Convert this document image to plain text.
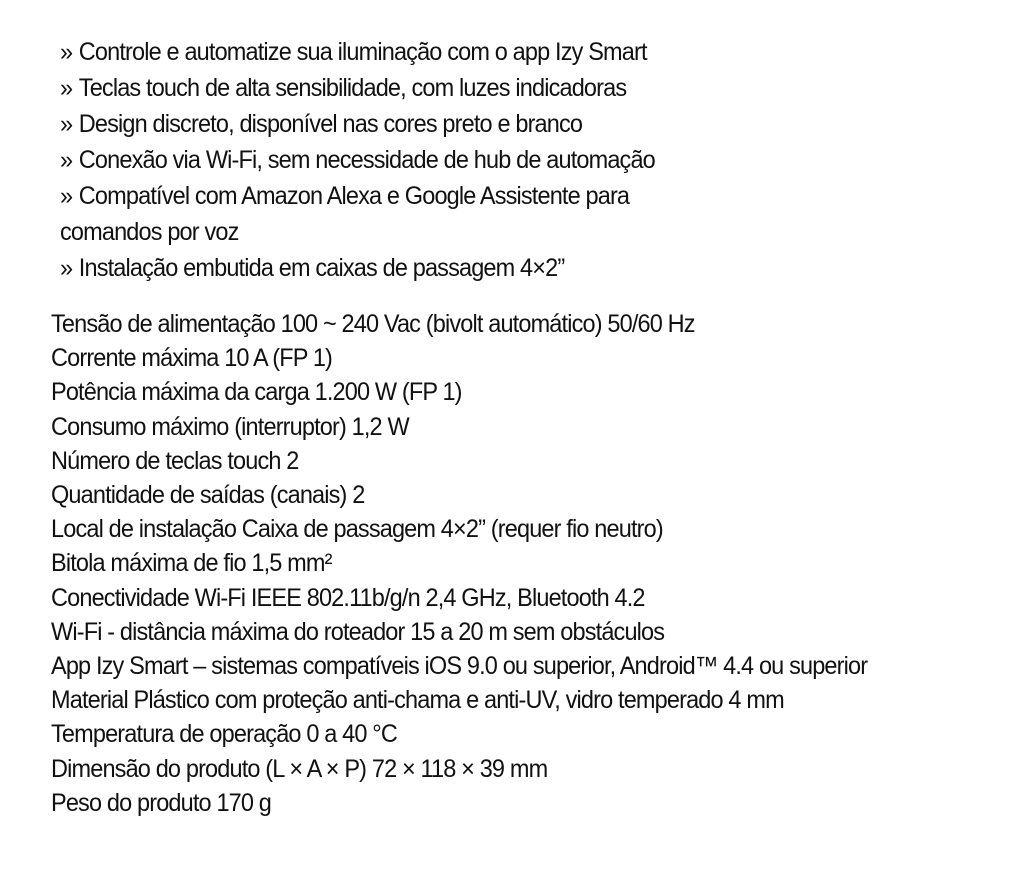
» Controle e automatize sua iluminação com o app Izy Smart
» Teclas touch de alta sensibilidade, com luzes indicadoras
» Design discreto, disponível nas cores preto e branco
» Conexão via Wi-Fi, sem necessidade de hub de automação
» Compatível com Amazon Alexa e Google Assistente para
comandos por voz
» Instalação embutida em caixas de passagem 4×2”
Tensão de alimentação 100 ~ 240 Vac (bivolt automático) 50/60 Hz
Corrente máxima 10 A (FP 1)
Potência máxima da carga 1.200 W (FP 1)
Consumo máximo (interruptor) 1,2 W
Número de teclas touch 2
Quantidade de saídas (canais) 2
Local de instalação Caixa de passagem 4×2” (requer fio neutro)
Bitola máxima de fio 1,5 mm²
Conectividade Wi-Fi IEEE 802.11b/g/n 2,4 GHz, Bluetooth 4.2
Wi-Fi - distância máxima do roteador 15 a 20 m sem obstáculos
App Izy Smart – sistemas compatíveis iOS 9.0 ou superior, Android™ 4.4 ou superior
Material Plástico com proteção anti-chama e anti-UV, vidro temperado 4 mm
Temperatura de operação 0 a 40 °C
Dimensão do produto (L × A × P) 72 × 118 × 39 mm
Peso do produto 170 g
